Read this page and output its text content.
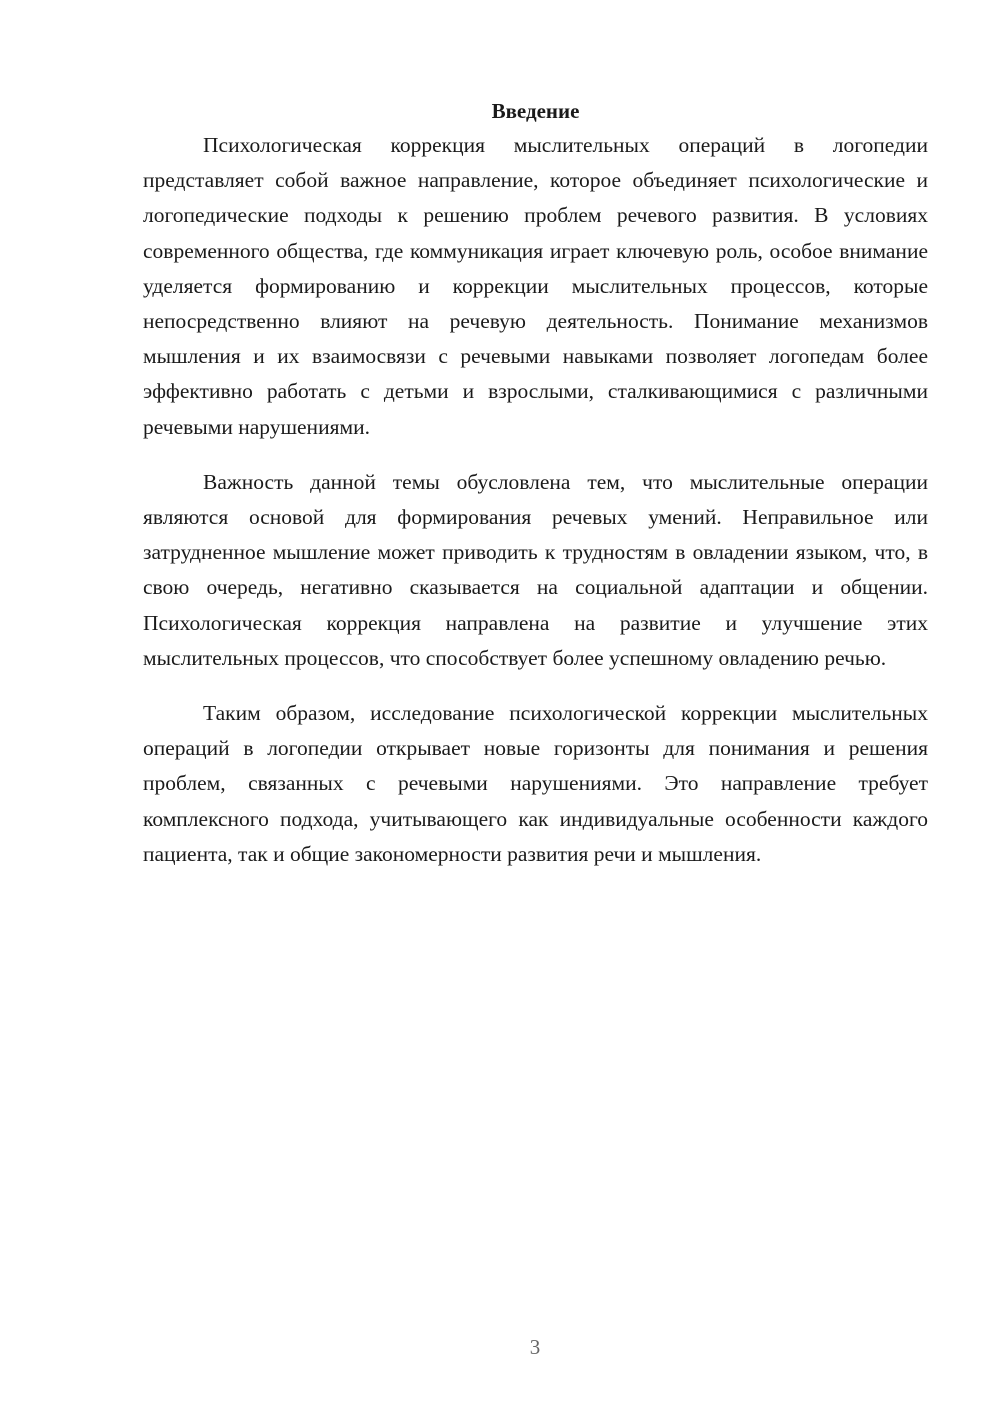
Введение

Психологическая коррекция мыслительных операций в логопедии представляет собой важное направление, которое объединяет психологические и логопедические подходы к решению проблем речевого развития. В условиях современного общества, где коммуникация играет ключевую роль, особое внимание уделяется формированию и коррекции мыслительных процессов, которые непосредственно влияют на речевую деятельность. Понимание механизмов мышления и их взаимосвязи с речевыми навыками позволяет логопедам более эффективно работать с детьми и взрослыми, сталкивающимися с различными речевыми нарушениями.

Важность данной темы обусловлена тем, что мыслительные операции являются основой для формирования речевых умений. Неправильное или затрудненное мышление может приводить к трудностям в овладении языком, что, в свою очередь, негативно сказывается на социальной адаптации и общении. Психологическая коррекция направлена на развитие и улучшение этих мыслительных процессов, что способствует более успешному овладению речью.

Таким образом, исследование психологической коррекции мыслительных операций в логопедии открывает новые горизонты для понимания и решения проблем, связанных с речевыми нарушениями. Это направление требует комплексного подхода, учитывающего как индивидуальные особенности каждого пациента, так и общие закономерности развития речи и мышления.

3
